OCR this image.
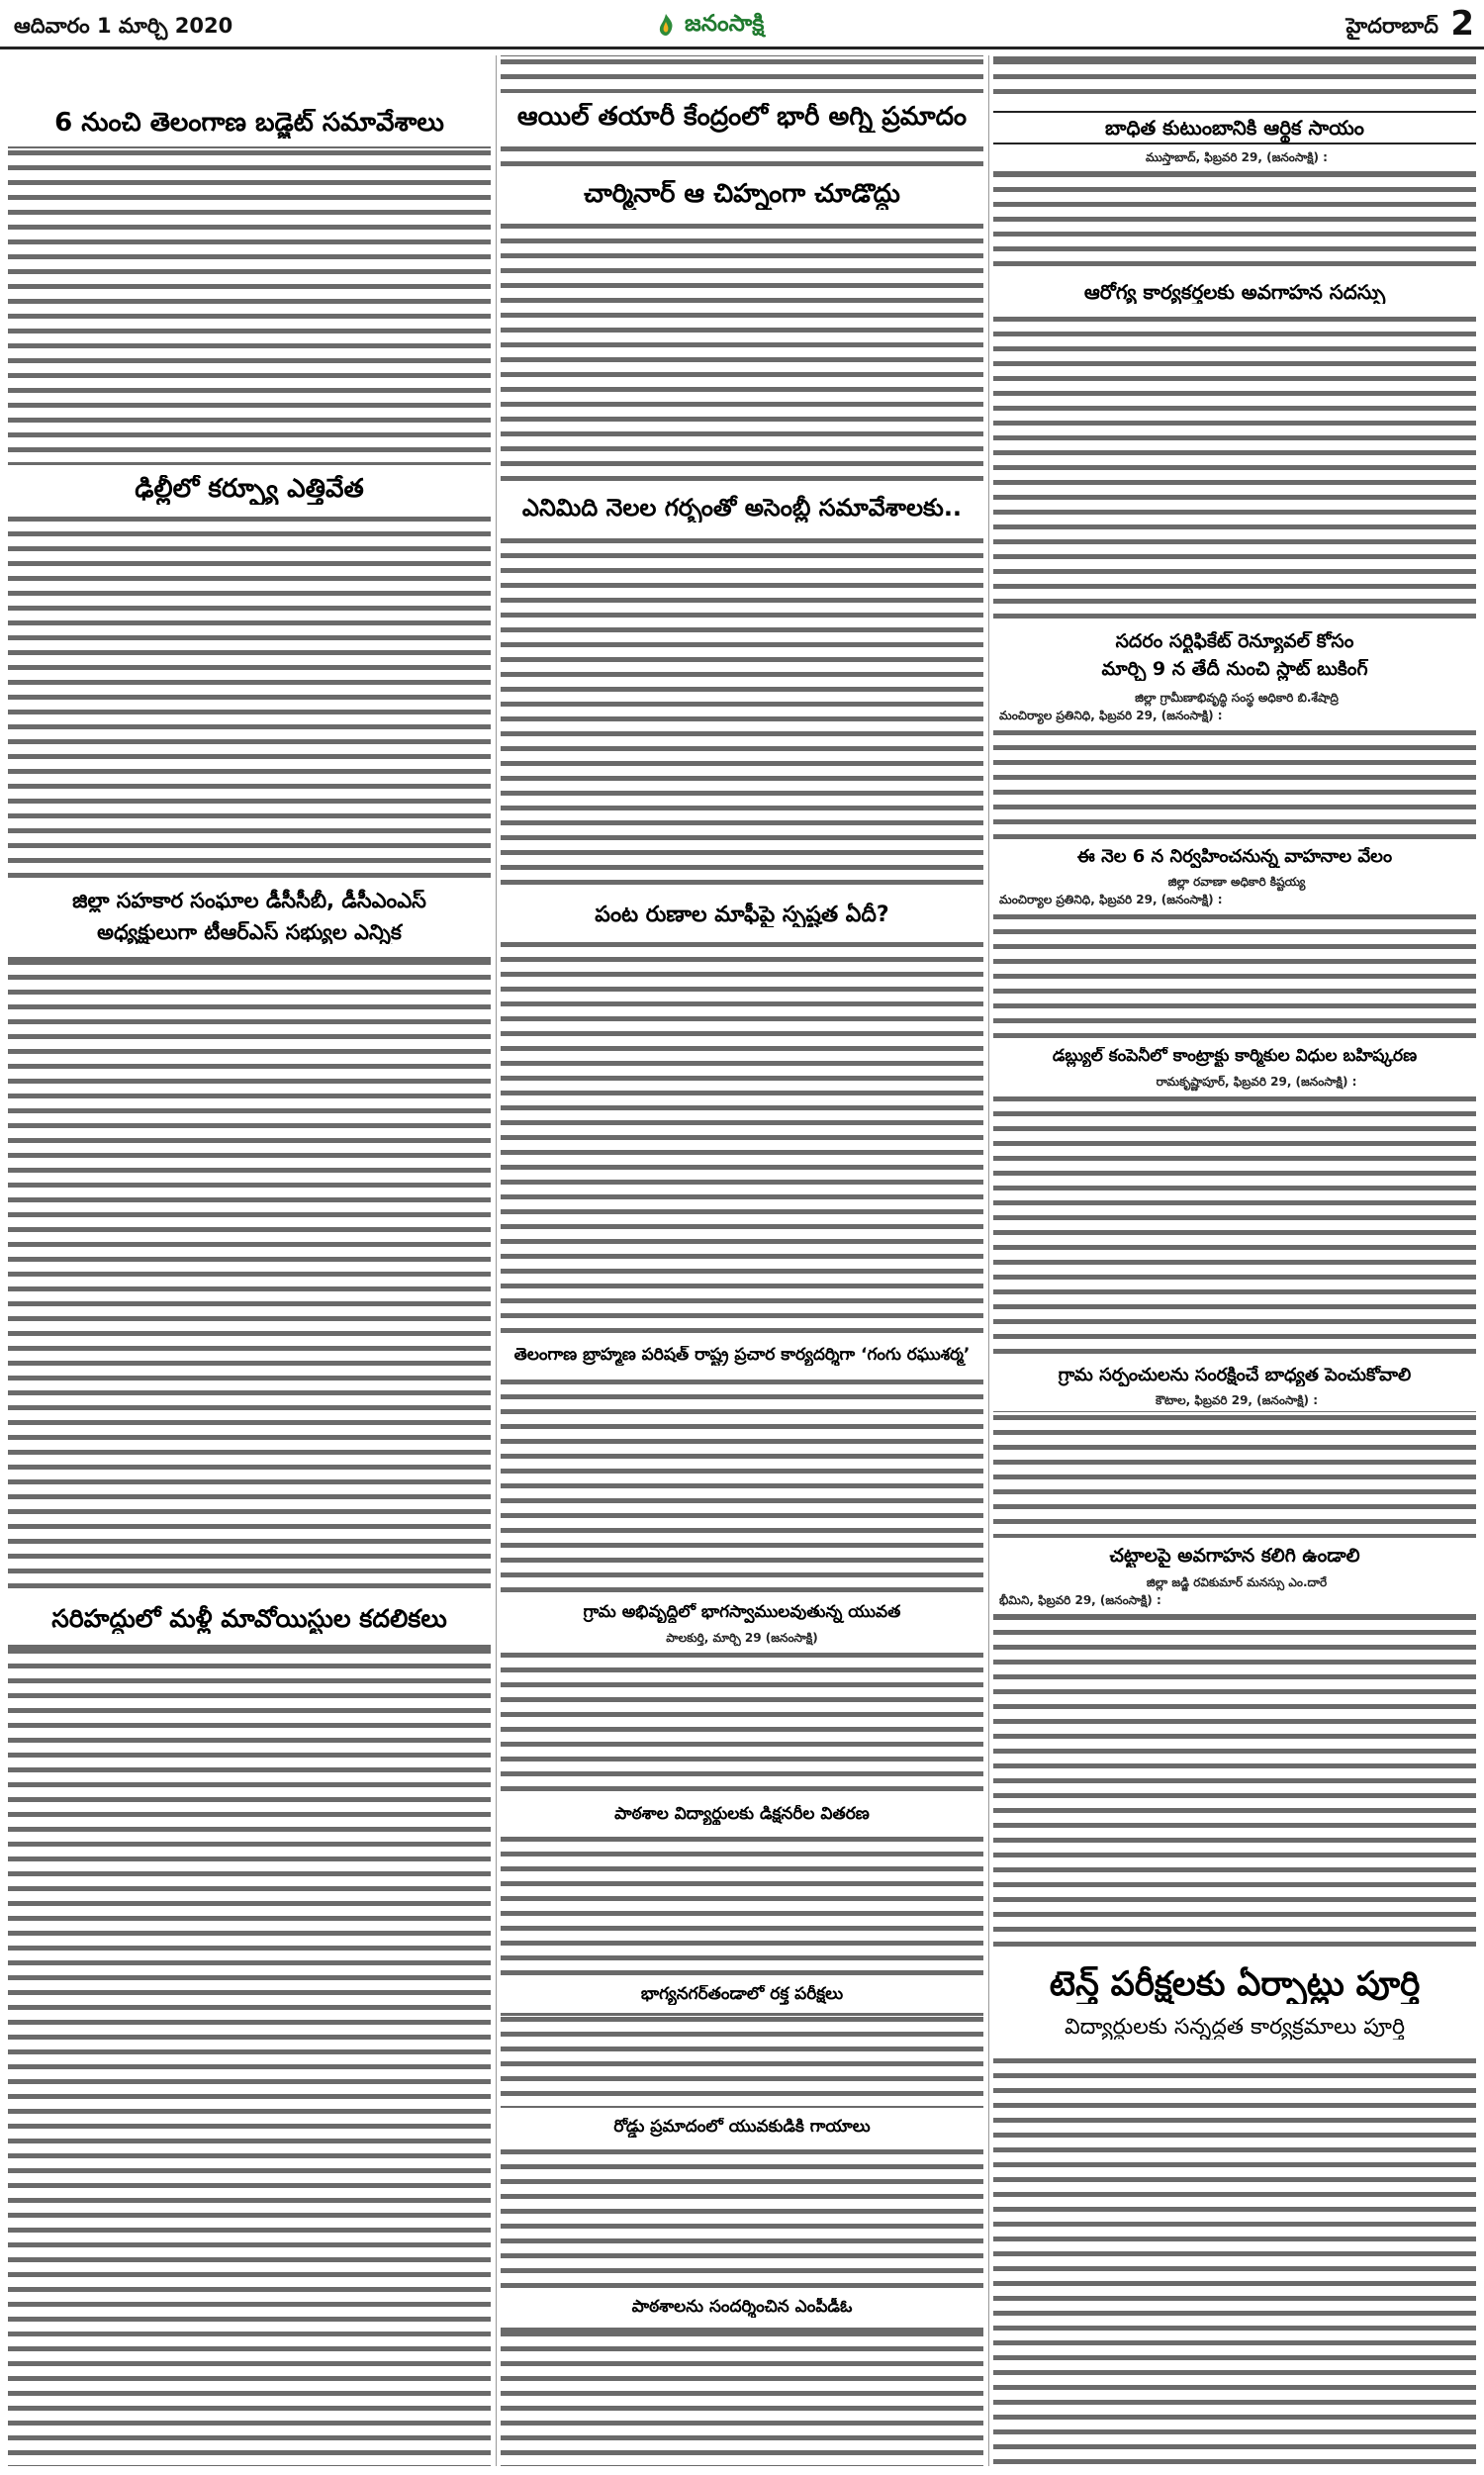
ఆదివారం 1 మార్చి 2020	జనంసాక్షి	హైదరాబాద్ 2
6 నుంచి తెలంగాణ బడ్జెట్‌ సమావేశాలు
ఢిల్లీలో కర్ఫ్యూ ఎత్తివేత
జిల్లా సహకార సంఘాల డీసీసీబీ, డీసీఎంఎస్‌
అధ్యక్షులుగా టీఆర్‌ఎస్‌ సభ్యుల ఎన్నిక
సరిహద్దులో మళ్లీ మావోయిస్టుల కదలికలు
ఆయిల్‌ తయారీ కేంద్రంలో భారీ అగ్ని ప్రమాదం
చార్మినార్‌ ఆ చిహ్నంగా చూడొద్దు
ఎనిమిది నెలల గర్భంతో అసెంబ్లీ సమావేశాలకు..
పంట రుణాల మాఫీపై స్పష్టత ఏదీ?
తెలంగాణ బ్రాహ్మణ పరిషత్‌ రాష్ట్ర ప్రచార కార్యదర్శిగా ‘గంగు రఘుశర్మ’
గ్రామ అభివృద్ధిలో భాగస్వాములవుతున్న యువత
పాలకుర్తి, మార్చి 29 (జనంసాక్షి)
పాఠశాల విద్యార్థులకు డిక్షనరీల వితరణ
భాగ్యనగర్‌తండాలో రక్త పరీక్షలు
రోడ్డు ప్రమాదంలో యువకుడికి గాయాలు
పాఠశాలను సందర్శించిన ఎంపీడీఓ
బాధిత కుటుంబానికి ఆర్థిక సాయం
ముస్తాబాద్‌, ఫిబ్రవరి 29, (జనంసాక్షి) :
ఆరోగ్య కార్యకర్తలకు అవగాహన సదస్సు
సదరం సర్టిఫికేట్‌ రెన్యూవల్‌ కోసం
మార్చి 9 న తేదీ నుంచి స్లాట్‌ బుకింగ్‌
జిల్లా గ్రామీణాభివృద్ధి సంస్థ అధికారి బి.శేషాద్రి
మంచిర్యాల ప్రతినిధి, ఫిబ్రవరి 29, (జనంసాక్షి) :
ఈ నెల 6 న నిర్వహించనున్న వాహనాల వేలం
జిల్లా రవాణా అధికారి కిష్టయ్య
మంచిర్యాల ప్రతినిధి, ఫిబ్రవరి 29, (జనంసాక్షి) :
డబ్ల్యుల్‌ కంపెనీలో కాంట్రాక్టు కార్మికుల విధుల బహిష్కరణ
రామకృష్ణాపూర్‌, ఫిబ్రవరి 29, (జనంసాక్షి) :
గ్రామ సర్పంచులను సంరక్షించే బాధ్యత పెంచుకోవాలి
కౌటాల, ఫిబ్రవరి 29, (జనంసాక్షి) :
చట్టాలపై అవగాహన కలిగి ఉండాలి
జిల్లా జడ్జి రవికుమార్‌ మనస్సు ఎం.దారే
భీమిని, ఫిబ్రవరి 29, (జనంసాక్షి) :
టెన్త్‌ పరీక్షలకు ఏర్పాట్లు పూర్తి
విద్యార్థులకు సన్నద్ధత కార్యక్రమాలు పూర్తి
